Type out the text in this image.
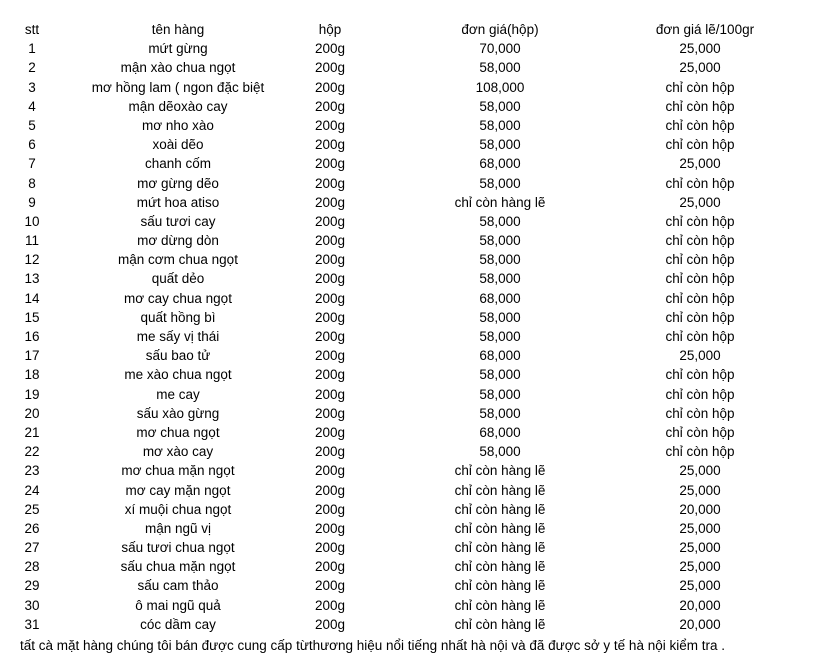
stt	tên hàng	hộp	đơn giá(hộp)	đơn giá lẽ/100gr
1	mứt gừng	200g	70,000	25,000
2	mận xào chua ngọt	200g	58,000	25,000
3	mơ hồng lam ( ngon đặc biệt	200g	108,000	chỉ còn hộp
4	mận dẽoxào cay	200g	58,000	chỉ còn hộp
5	mơ nho xào	200g	58,000	chỉ còn hộp
6	xoài dẽo	200g	58,000	chỉ còn hộp
7	chanh cốm	200g	68,000	25,000
8	mơ gừng dẽo	200g	58,000	chỉ còn hộp
9	mứt hoa atiso	200g	chỉ còn hàng lẽ	25,000
10	sấu tươi cay	200g	58,000	chỉ còn hộp
11	mơ dừng dòn	200g	58,000	chỉ còn hộp
12	mận cơm chua ngọt	200g	58,000	chỉ còn hộp
13	quất dẻo	200g	58,000	chỉ còn hộp
14	mơ cay chua ngọt	200g	68,000	chỉ còn hộp
15	quất hồng bì	200g	58,000	chỉ còn hộp
16	me sấy vị thái	200g	58,000	chỉ còn hộp
17	sấu bao tử	200g	68,000	25,000
18	me xào chua ngọt	200g	58,000	chỉ còn hộp
19	me cay	200g	58,000	chỉ còn hộp
20	sấu xào gừng	200g	58,000	chỉ còn hộp
21	mơ chua ngọt	200g	68,000	chỉ còn hộp
22	mơ xào cay	200g	58,000	chỉ còn hộp
23	mơ chua mặn ngọt	200g	chỉ còn hàng lẽ	25,000
24	mơ cay mặn ngọt	200g	chỉ còn hàng lẽ	25,000
25	xí muội chua ngọt	200g	chỉ còn hàng lẽ	20,000
26	mận ngũ vị	200g	chỉ còn hàng lẽ	25,000
27	sấu tươi chua ngọt	200g	chỉ còn hàng lẽ	25,000
28	sấu chua mặn ngọt	200g	chỉ còn hàng lẽ	25,000
29	sấu cam thảo	200g	chỉ còn hàng lẽ	25,000
30	ô mai ngũ quả	200g	chỉ còn hàng lẽ	20,000
31	cóc dầm cay	200g	chỉ còn hàng lẽ	20,000
tất cà mặt hàng chúng tôi bán được cung cấp từthương hiệu nổi tiếng nhất hà nội và đã được sở y tế hà nội kiểm tra .
